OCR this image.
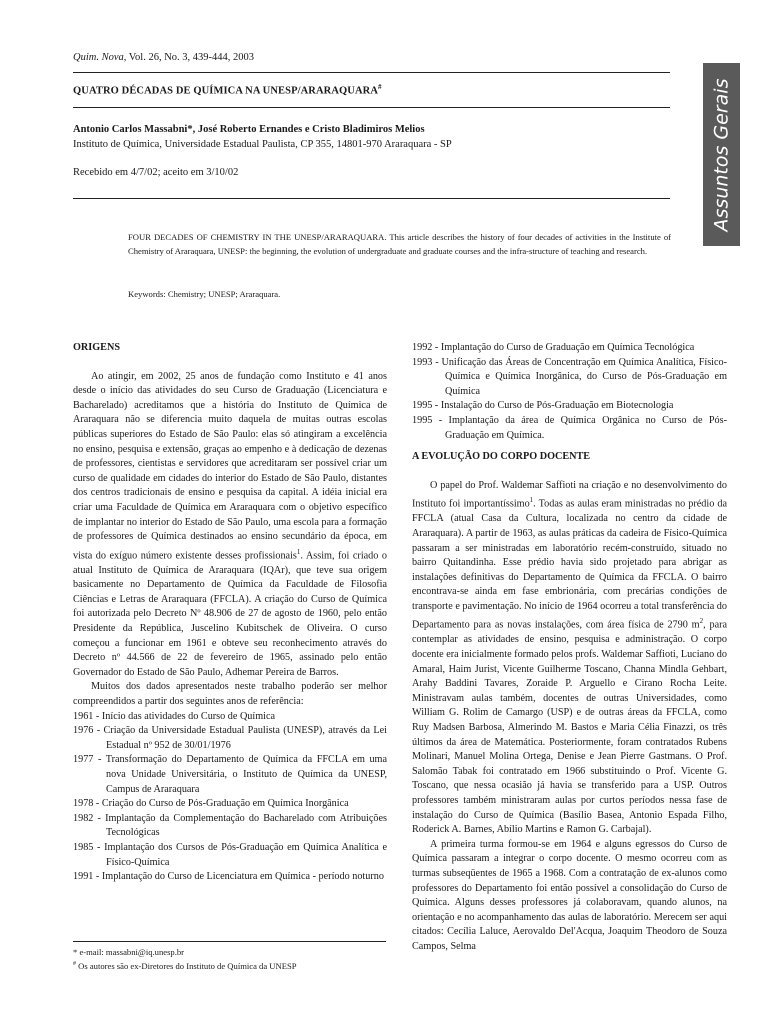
Quim. Nova, Vol. 26, No. 3, 439-444, 2003
QUATRO DÉCADAS DE QUÍMICA NA UNESP/ARARAQUARA#
Antonio Carlos Massabni*, José Roberto Ernandes e Cristo Bladimiros Melios
Instituto de Química, Universidade Estadual Paulista, CP 355, 14801-970 Araraquara - SP
Recebido em 4/7/02; aceito em 3/10/02	Assuntos Gerais
FOUR DECADES OF CHEMISTRY IN THE UNESP/ARARAQUARA. This article describes the history of four decades of activities in the Institute of Chemistry of Araraquara, UNESP: the beginning, the evolution of undergraduate and graduate courses and the infra-structure of teaching and research.
Keywords: Chemistry; UNESP; Araraquara.

ORIGENS

Ao atingir, em 2002, 25 anos de fundação como Instituto e 41 anos desde o início das atividades do seu Curso de Graduação (Licenciatura e Bacharelado) acreditamos que a história do Instituto de Química de Araraquara não se diferencia muito daquela de muitas outras escolas públicas superiores do Estado de São Paulo: elas só atingiram a excelência no ensino, pesquisa e extensão, graças ao empenho e à dedicação de dezenas de professores, cientistas e servidores que acreditaram ser possível criar um curso de qualidade em cidades do interior do Estado de São Paulo, distantes dos centros tradicionais de ensino e pesquisa da capital. A idéia inicial era criar uma Faculdade de Química em Araraquara com o objetivo específico de implantar no interior do Estado de São Paulo, uma escola para a formação de professores de Química destinados ao ensino secundário da época, em vista do exíguo número existente desses profissionais$^1$. Assim, foi criado o atual Instituto de Química de Araraquara (IQAr), que teve sua origem basicamente no Departamento de Química da Faculdade de Filosofia Ciências e Letras de Araraquara (FFCLA). A criação do Curso de Química foi autorizada pelo Decreto Nº 48.906 de 27 de agosto de 1960, pelo então Presidente da República, Juscelino Kubitschek de Oliveira. O curso começou a funcionar em 1961 e obteve seu reconhecimento através do Decreto nº 44.566 de 22 de fevereiro de 1965, assinado pelo então Governador do Estado de São Paulo, Adhemar Pereira de Barros.

Muitos dos dados apresentados neste trabalho poderão ser melhor compreendidos a partir dos seguintes anos de referência:

1961 - Início das atividades do Curso de Química

1976 - Criação da Universidade Estadual Paulista (UNESP), através da Lei Estadual nº 952 de 30/01/1976

1977 - Transformação do Departamento de Química da FFCLA em uma nova Unidade Universitária, o Instituto de Química da UNESP, Campus de Araraquara

1978 - Criação do Curso de Pós-Graduação em Química Inorgânica

1982 - Implantação da Complementação do Bacharelado com Atribuições Tecnológicas

1985 - Implantação dos Cursos de Pós-Graduação em Química Analítica e Físico-Química

1991 - Implantação do Curso de Licenciatura em Química - período noturno

* e-mail: massabni@iq.unesp.br
# Os autores são ex-Diretores do Instituto de Química da UNESP

1992 - Implantação do Curso de Graduação em Química Tecnológica

1993 - Unificação das Áreas de Concentração em Química Analítica, Físico-Química e Química Inorgânica, do Curso de Pós-Graduação em Química

1995 - Instalação do Curso de Pós-Graduação em Biotecnologia

1995 - Implantação da área de Química Orgânica no Curso de Pós-Graduação em Química.

A EVOLUÇÃO DO CORPO DOCENTE

O papel do Prof. Waldemar Saffioti na criação e no desenvolvimento do Instituto foi importantíssimo$^1$. Todas as aulas eram ministradas no prédio da FFCLA (atual Casa da Cultura, localizada no centro da cidade de Araraquara). A partir de 1963, as aulas práticas da cadeira de Físico-Química passaram a ser ministradas em laboratório recém-construído, situado no bairro Quitandinha. Esse prédio havia sido projetado para abrigar as instalações definitivas do Departamento de Química da FFCLA. O bairro encontrava-se ainda em fase embrionária, com precárias condições de transporte e pavimentação. No início de 1964 ocorreu a total transferência do Departamento para as novas instalações, com área física de 2790 $m^2$, para contemplar as atividades de ensino, pesquisa e administração. O corpo docente era inicialmente formado pelos profs. Waldemar Saffioti, Luciano do Amaral, Haim Jurist, Vicente Guilherme Toscano, Channa Mindla Gehbart, Arahy Baddini Tavares, Zoraide P. Arguello e Cirano Rocha Leite. Ministravam aulas também, docentes de outras Universidades, como William G. Rolim de Camargo (USP) e de outras áreas da FFCLA, como Ruy Madsen Barbosa, Almerindo M. Bastos e Maria Célia Finazzi, os três últimos da área de Matemática. Posteriormente, foram contratados Rubens Molinari, Manuel Molina Ortega, Denise e Jean Pierre Gastmans. O Prof. Salomão Tabak foi contratado em 1966 substituindo o Prof. Vicente G. Toscano, que nessa ocasião já havia se transferido para a USP. Outros professores também ministraram aulas por curtos períodos nessa fase de instalação do Curso de Química (Basílio Basea, Antonio Espada Filho, Roderick A. Barnes, Abílio Martins e Ramon G. Carbajal).

A primeira turma formou-se em 1964 e alguns egressos do Curso de Química passaram a integrar o corpo docente. O mesmo ocorreu com as turmas subseqüentes de 1965 a 1968. Com a contratação de ex-alunos como professores do Departamento foi então possível a consolidação do Curso de Química. Alguns desses professores já colaboravam, quando alunos, na orientação e no acompanhamento das aulas de laboratório. Merecem ser aqui citados: Cecília Laluce, Aerovaldo Del'Acqua, Joaquim Theodoro de Souza Campos, Selma
